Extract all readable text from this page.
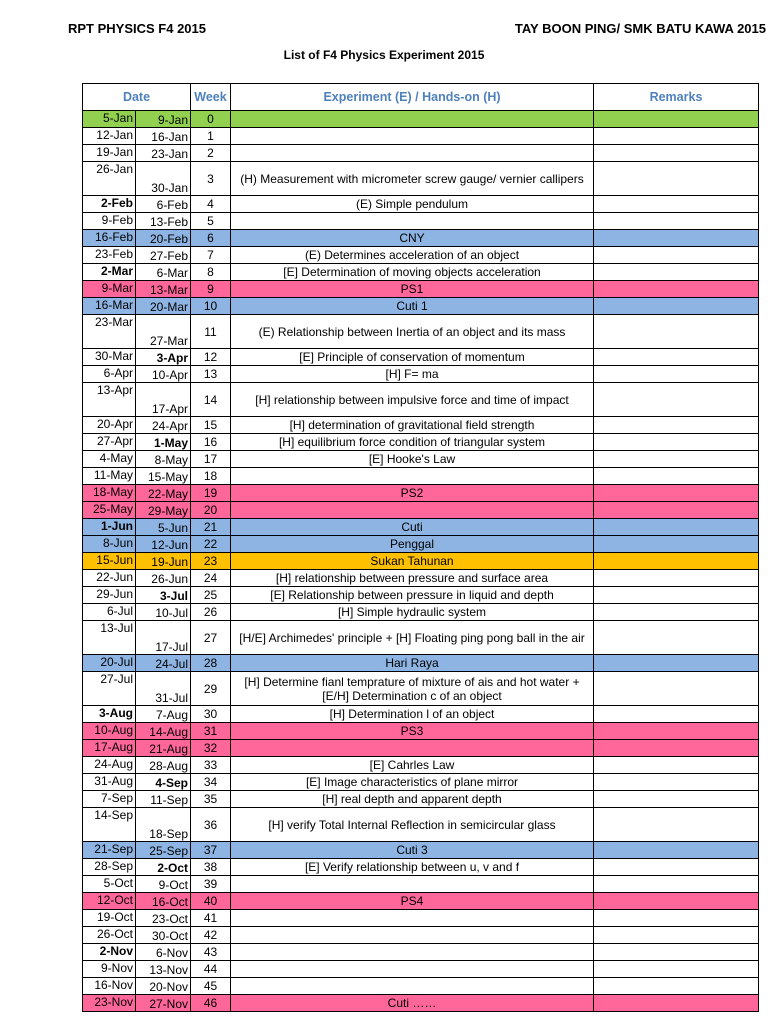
RPT PHYSICS F4 2015	TAY BOON PING/ SMK BATU KAWA 2015
List of F4 Physics Experiment 2015
Date		Week	Experiment (E) / Hands-on (H)	Remarks
5-Jan	9-Jan	0		
12-Jan	16-Jan	1		
19-Jan	23-Jan	2		
26-Jan	30-Jan	3	(H) Measurement with micrometer screw gauge/ vernier callipers	
2-Feb	6-Feb	4	(E) Simple pendulum	
9-Feb	13-Feb	5		
16-Feb	20-Feb	6	CNY	
23-Feb	27-Feb	7	(E) Determines acceleration of an object	
2-Mar	6-Mar	8	[E] Determination of moving objects acceleration	
9-Mar	13-Mar	9	PS1	
16-Mar	20-Mar	10	Cuti 1	
23-Mar	27-Mar	11	(E) Relationship between Inertia of an object and its mass	
30-Mar	3-Apr	12	[E] Principle of conservation of momentum	
6-Apr	10-Apr	13	[H] F= ma	
13-Apr	17-Apr	14	[H] relationship between impulsive force and time of impact	
20-Apr	24-Apr	15	[H] determination of gravitational field strength	
27-Apr	1-May	16	[H] equilibrium force condition of triangular system	
4-May	8-May	17	[E] Hooke's Law	
11-May	15-May	18		
18-May	22-May	19	PS2	
25-May	29-May	20		
1-Jun	5-Jun	21	Cuti	
8-Jun	12-Jun	22	Penggal	
15-Jun	19-Jun	23	Sukan Tahunan	
22-Jun	26-Jun	24	[H] relationship between pressure and surface area	
29-Jun	3-Jul	25	[E] Relationship between pressure in liquid and depth	
6-Jul	10-Jul	26	[H] Simple hydraulic system	
13-Jul	17-Jul	27	[H/E] Archimedes' principle + [H] Floating ping pong ball in the air	
20-Jul	24-Jul	28	Hari Raya	
27-Jul	31-Jul	29	[H] Determine fianl temprature of mixture of ais and hot water + [E/H] Determination c of an object	
3-Aug	7-Aug	30	[H] Determination l of an object	
10-Aug	14-Aug	31	PS3	
17-Aug	21-Aug	32		
24-Aug	28-Aug	33	[E] Cahrles Law	
31-Aug	4-Sep	34	[E] Image characteristics of plane mirror	
7-Sep	11-Sep	35	[H] real depth and apparent depth	
14-Sep	18-Sep	36	[H] verify Total Internal Reflection in semicircular glass	
21-Sep	25-Sep	37	Cuti 3	
28-Sep	2-Oct	38	[E] Verify relationship between u, v and f	
5-Oct	9-Oct	39		
12-Oct	16-Oct	40	PS4	
19-Oct	23-Oct	41		
26-Oct	30-Oct	42		
2-Nov	6-Nov	43		
9-Nov	13-Nov	44		
16-Nov	20-Nov	45		
23-Nov	27-Nov	46	Cuti ……	
